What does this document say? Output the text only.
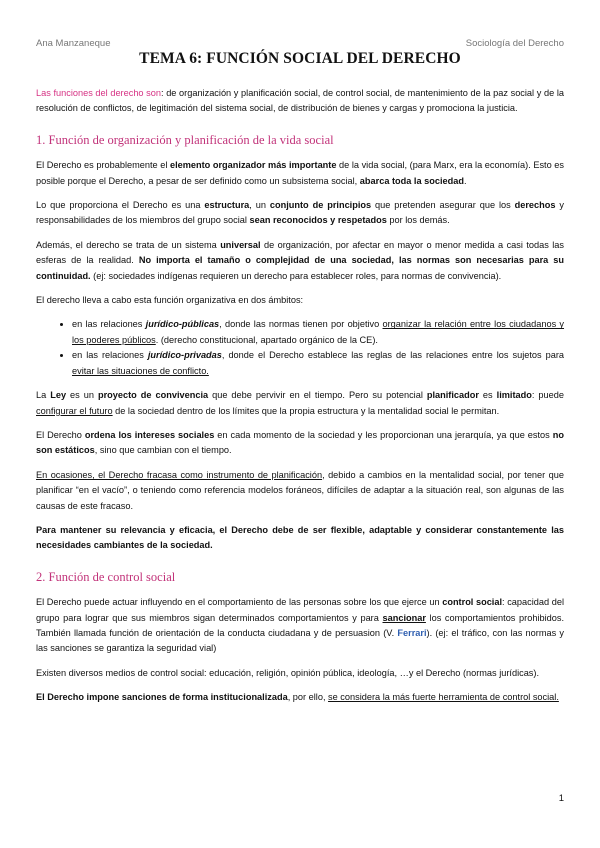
Ana Manzaneque	Sociología del Derecho
TEMA 6: FUNCIÓN SOCIAL DEL DERECHO

Las funciones del derecho son: de organización y planificación social, de control social, de mantenimiento de la paz social y de la resolución de conflictos, de legitimación del sistema social, de distribución de bienes y cargas y promociona la justicia.

1. Función de organización y planificación de la vida social

El Derecho es probablemente el elemento organizador más importante de la vida social, (para Marx, era la economía). Esto es posible porque el Derecho, a pesar de ser definido como un subsistema social, abarca toda la sociedad.

Lo que proporciona el Derecho es una estructura, un conjunto de principios que pretenden asegurar que los derechos y responsabilidades de los miembros del grupo social sean reconocidos y respetados por los demás.

Además, el derecho se trata de un sistema universal de organización, por afectar en mayor o menor medida a casi todas las esferas de la realidad. No importa el tamaño o complejidad de una sociedad, las normas son necesarias para su continuidad. (ej: sociedades indígenas requieren un derecho para establecer roles, para normas de convivencia).

El derecho lleva a cabo esta función organizativa en dos ámbitos:

• en las relaciones jurídico-públicas, donde las normas tienen por objetivo organizar la relación entre los ciudadanos y los poderes públicos. (derecho constitucional, apartado orgánico de la CE).
• en las relaciones jurídico-privadas, donde el Derecho establece las reglas de las relaciones entre los sujetos para evitar las situaciones de conflicto.

La Ley es un proyecto de convivencia que debe pervivir en el tiempo. Pero su potencial planificador es limitado: puede configurar el futuro de la sociedad dentro de los límites que la propia estructura y la mentalidad social le permitan.

El Derecho ordena los intereses sociales en cada momento de la sociedad y les proporcionan una jerarquía, ya que estos no son estáticos, sino que cambian con el tiempo.

En ocasiones, el Derecho fracasa como instrumento de planificación, debido a cambios en la mentalidad social, por tener que planificar “en el vacío”, o teniendo como referencia modelos foráneos, difíciles de adaptar a la situación real, son algunas de las causas de este fracaso.

Para mantener su relevancia y eficacia, el Derecho debe de ser flexible, adaptable y considerar constantemente las necesidades cambiantes de la sociedad.

2. Función de control social

El Derecho puede actuar influyendo en el comportamiento de las personas sobre los que ejerce un control social: capacidad del grupo para lograr que sus miembros sigan determinados comportamientos y para sancionar los comportamientos prohibidos. También llamada función de orientación de la conducta ciudadana y de persuasion (V. Ferrari). (ej: el tráfico, con las normas y las sanciones se garantiza la seguridad vial)

Existen diversos medios de control social: educación, religión, opinión pública, ideología, …y el Derecho (normas jurídicas).

El Derecho impone sanciones de forma institucionalizada, por ello, se considera la más fuerte herramienta de control social.

1
